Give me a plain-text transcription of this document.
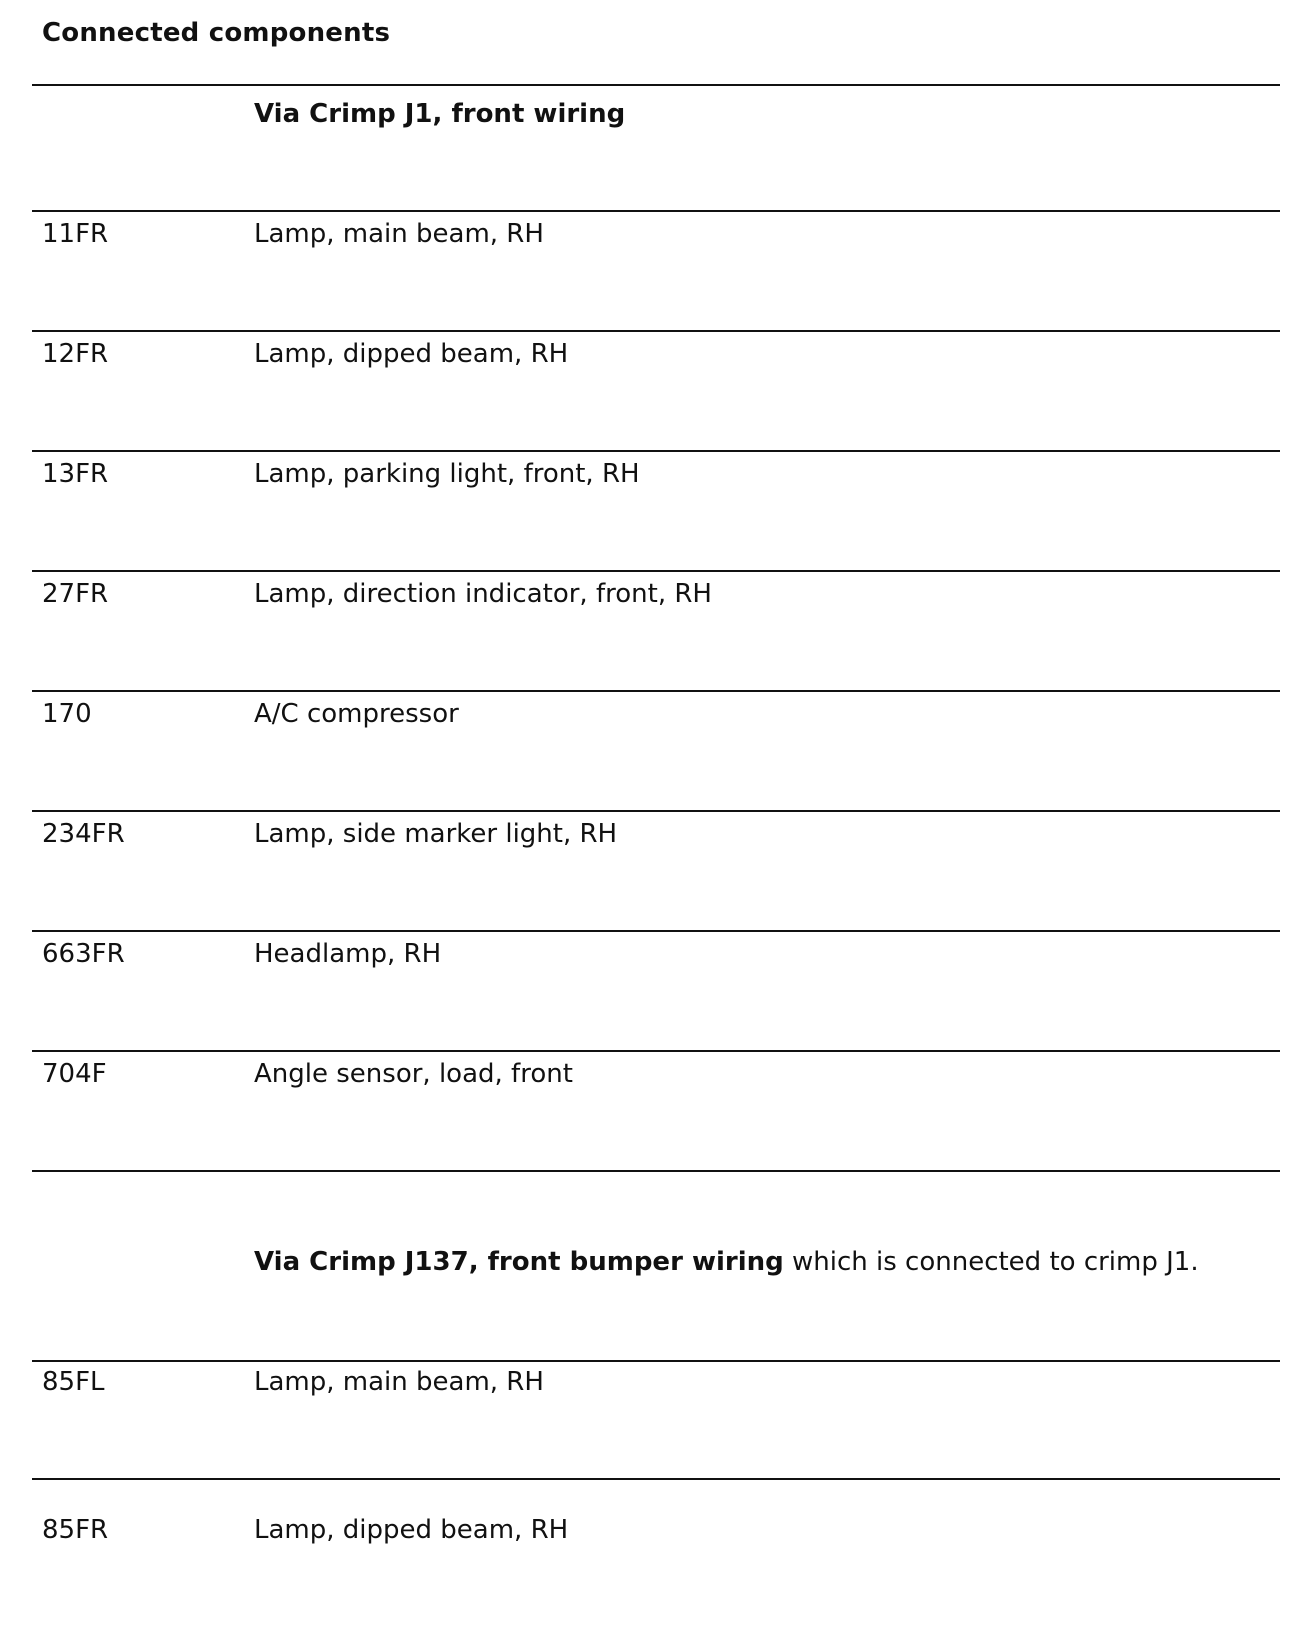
Connected components
Via Crimp J1, front wiring
11FR	Lamp, main beam, RH
12FR	Lamp, dipped beam, RH
13FR	Lamp, parking light, front, RH
27FR	Lamp, direction indicator, front, RH
170	A/C compressor
234FR	Lamp, side marker light, RH
663FR	Headlamp, RH
704F	Angle sensor, load, front
Via Crimp J137, front bumper wiring which is connected to crimp J1.
85FL	Lamp, main beam, RH
85FR	Lamp, dipped beam, RH
